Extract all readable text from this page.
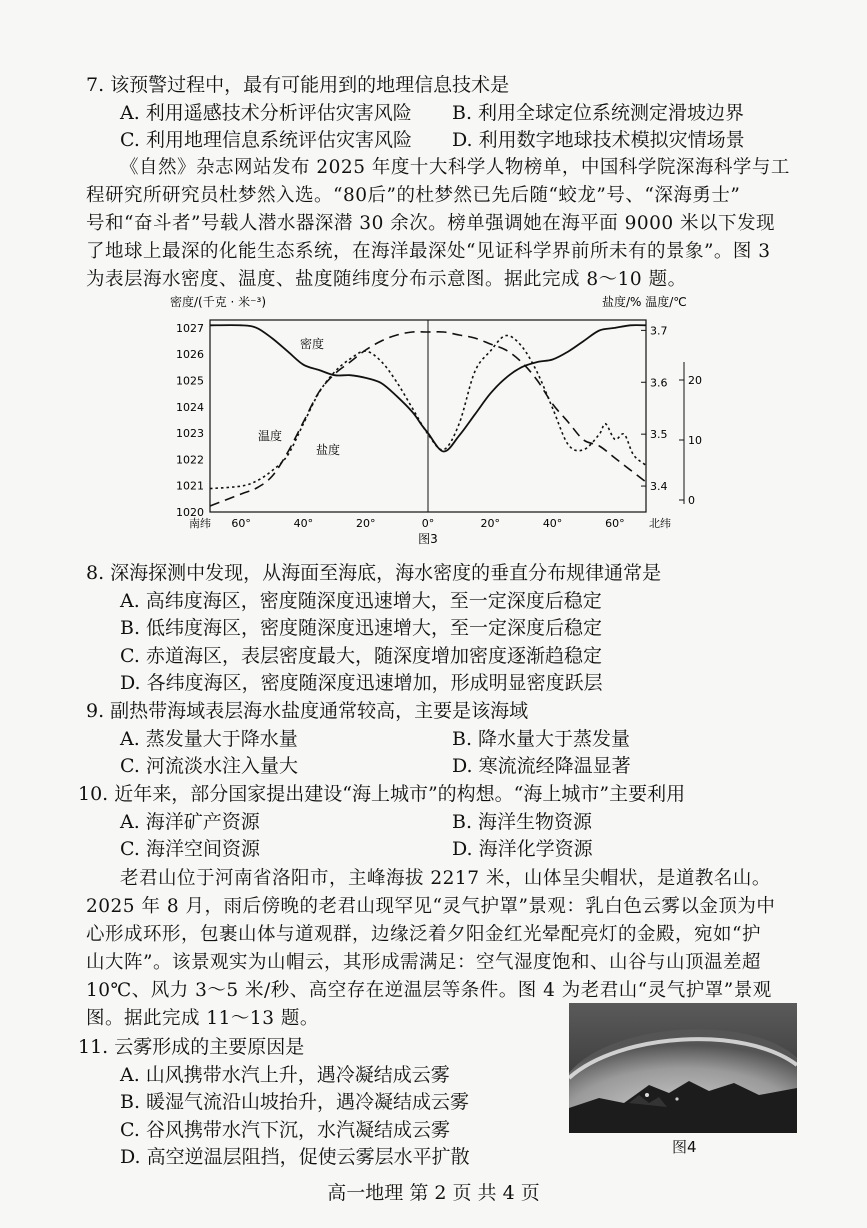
7. 该预警过程中，最有可能用到的地理信息技术是
A. 利用遥感技术分析评估灾害风险 B. 利用全球定位系统测定滑坡边界
C. 利用地理信息系统评估灾害风险 D. 利用数字地球技术模拟灾情场景
《自然》杂志网站发布 2025 年度十大科学人物榜单，中国科学院深海科学与工
程研究所研究员杜梦然入选。“80后”的杜梦然已先后随“蛟龙”号、“深海勇士”
号和“奋斗者”号载人潜水器深潜 30 余次。榜单强调她在海平面 9000 米以下发现
了地球上最深的化能生态系统，在海洋最深处“见证科学界前所未有的景象”。图 3
为表层海水密度、温度、盐度随纬度分布示意图。据此完成 8～10 题。
密度/(千克 · 米⁻³)	盐度/% 温度/℃
1020
1021
1022
1023
1024
1025
1026
1027
3.4
3.5
3.6
3.7
0
10
20
南纬 60°	40°	20°	0°	20°	40°	60° 北纬
图3
密度
温度
盐度
8. 深海探测中发现，从海面至海底，海水密度的垂直分布规律通常是
A. 高纬度海区，密度随深度迅速增大，至一定深度后稳定
B. 低纬度海区，密度随深度迅速增大，至一定深度后稳定
C. 赤道海区，表层密度最大，随深度增加密度逐渐趋稳定
D. 各纬度海区，密度随深度迅速增加，形成明显密度跃层
9. 副热带海域表层海水盐度通常较高，主要是该海域
A. 蒸发量大于降水量	B. 降水量大于蒸发量
C. 河流淡水注入量大	D. 寒流流经降温显著
10. 近年来，部分国家提出建设“海上城市”的构想。“海上城市”主要利用
A. 海洋矿产资源	B. 海洋生物资源
C. 海洋空间资源	D. 海洋化学资源
老君山位于河南省洛阳市，主峰海拔 2217 米，山体呈尖帽状，是道教名山。
2025 年 8 月，雨后傍晚的老君山现罕见“灵气护罩”景观：乳白色云雾以金顶为中
心形成环形，包裹山体与道观群，边缘泛着夕阳金红光晕配亮灯的金殿，宛如“护
山大阵”。该景观实为山帽云，其形成需满足：空气湿度饱和、山谷与山顶温差超
10℃、风力 3～5 米/秒、高空存在逆温层等条件。图 4 为老君山“灵气护罩”景观
图。据此完成 11～13 题。
11. 云雾形成的主要原因是
A. 山风携带水汽上升，遇冷凝结成云雾
B. 暖湿气流沿山坡抬升，遇冷凝结成云雾
C. 谷风携带水汽下沉，水汽凝结成云雾
D. 高空逆温层阻挡，促使云雾层水平扩散	图4
高一地理 第 2 页 共 4 页
